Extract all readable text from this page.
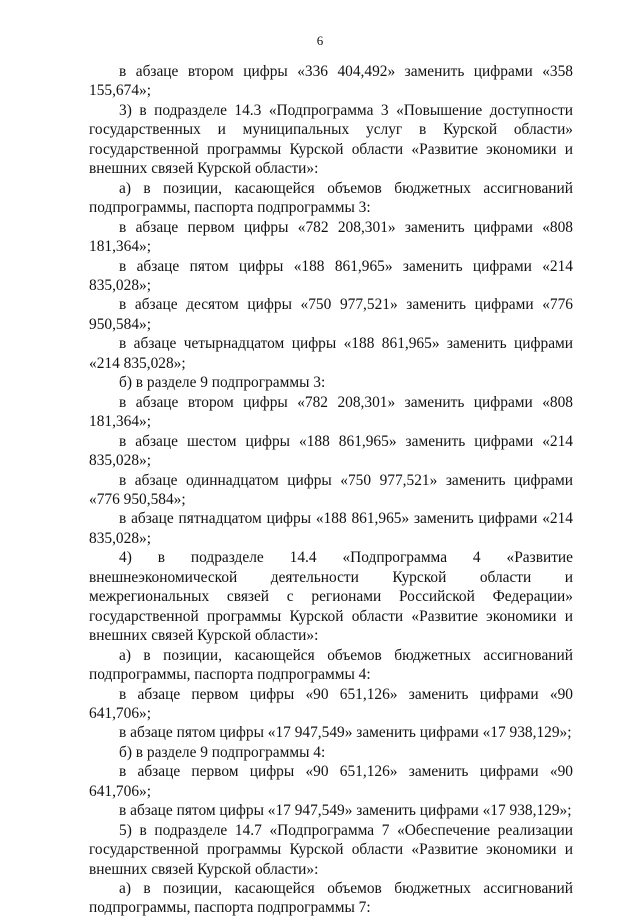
6

в абзаце втором цифры «336 404,492» заменить цифрами «358 155,674»;

3) в подразделе 14.3 «Подпрограмма 3 «Повышение доступности государственных и муниципальных услуг в Курской области» государственной программы Курской области «Развитие экономики и внешних связей Курской области»:

а) в позиции, касающейся объемов бюджетных ассигнований подпрограммы, паспорта подпрограммы 3:

в абзаце первом цифры «782 208,301» заменить цифрами «808 181,364»;

в абзаце пятом цифры «188 861,965» заменить цифрами «214 835,028»;

в абзаце десятом цифры «750 977,521» заменить цифрами «776 950,584»;

в абзаце четырнадцатом цифры «188 861,965» заменить цифрами «214 835,028»;

б) в разделе 9 подпрограммы 3:

в абзаце втором цифры «782 208,301» заменить цифрами «808 181,364»;

в абзаце шестом цифры «188 861,965» заменить цифрами «214 835,028»;

в абзаце одиннадцатом цифры «750 977,521» заменить цифрами «776 950,584»;

в абзаце пятнадцатом цифры «188 861,965» заменить цифрами «214 835,028»;

4) в подразделе 14.4 «Подпрограмма 4 «Развитие внешнеэкономической деятельности Курской области и межрегиональных связей с регионами Российской Федерации» государственной программы Курской области «Развитие экономики и внешних связей Курской области»:

а) в позиции, касающейся объемов бюджетных ассигнований подпрограммы, паспорта подпрограммы 4:

в абзаце первом цифры «90 651,126» заменить цифрами «90 641,706»;

в абзаце пятом цифры «17 947,549» заменить цифрами «17 938,129»;

б) в разделе 9 подпрограммы 4:

в абзаце первом цифры «90 651,126» заменить цифрами «90 641,706»;

в абзаце пятом цифры «17 947,549» заменить цифрами «17 938,129»;

5) в подразделе 14.7 «Подпрограмма 7 «Обеспечение реализации государственной программы Курской области «Развитие экономики и внешних связей Курской области»:

а) в позиции, касающейся объемов бюджетных ассигнований подпрограммы, паспорта подпрограммы 7:
